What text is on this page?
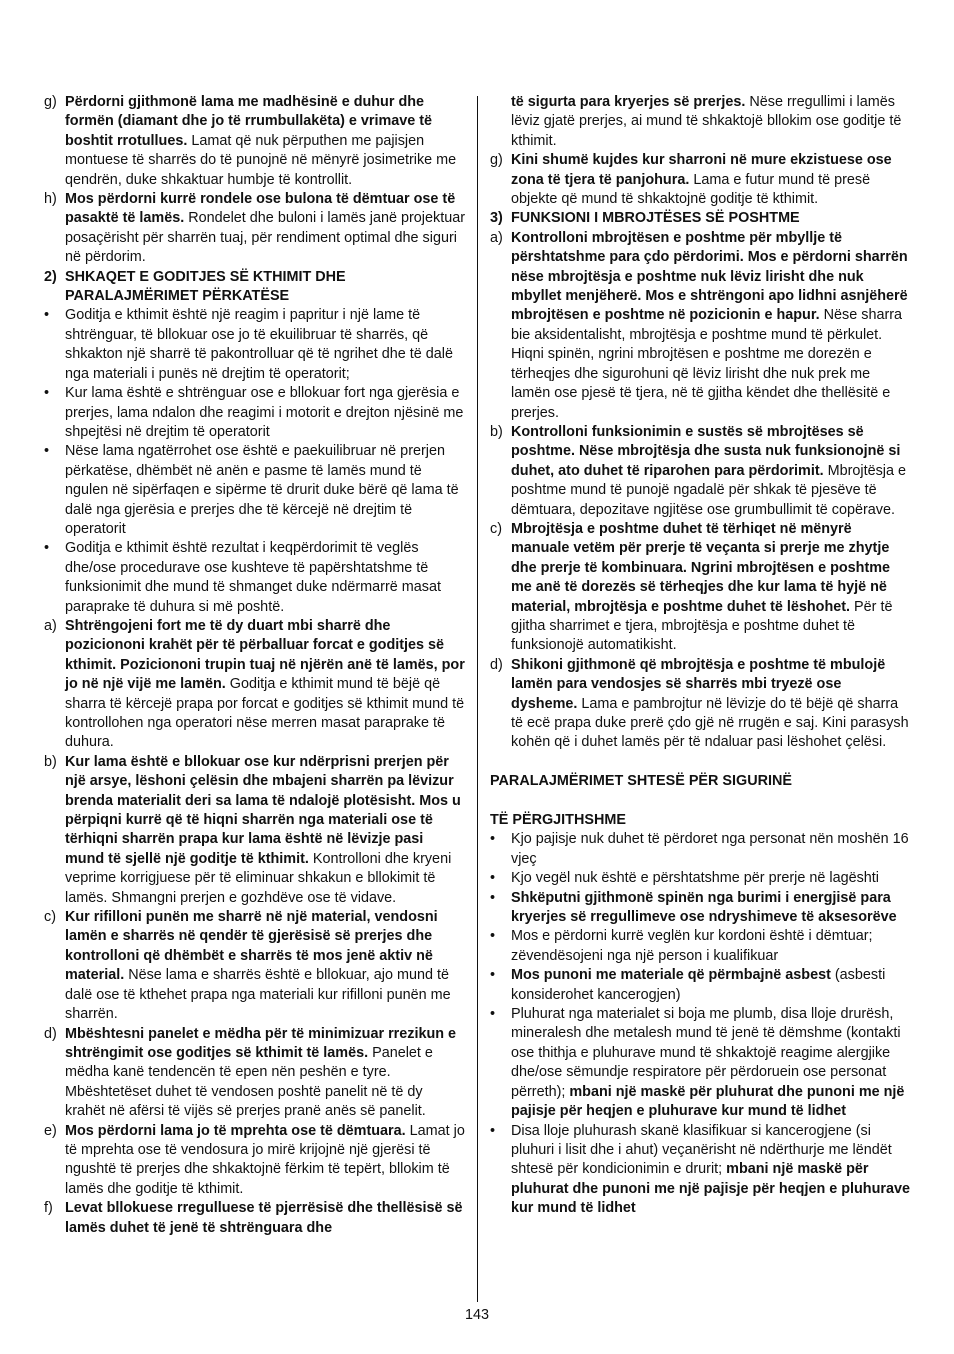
g) Përdorni gjithmonë lama me madhësinë e duhur dhe formën (diamant dhe jo të rrumbullakëta) e vrimave të boshtit rrotullues. Lamat që nuk përputhen me pajisjen montuese të sharrës do të punojnë në mënyrë josimetrike me qendrën, duke shkaktuar humbje të kontrollit.
h) Mos përdorni kurrë rondele ose bulona të dëmtuar ose të pasaktë të lamës. Rondelet dhe buloni i lamës janë projektuar posaçërisht për sharrën tuaj, për rendiment optimal dhe siguri në përdorim.
2) SHKAQET E GODITJES SË KTHIMIT DHE PARALAJMËRIMET PËRKATËSE
•	Goditja e kthimit është një reagim i papritur i një lame të shtrënguar, të bllokuar ose jo të ekuilibruar të sharrës, që shkakton një sharrë të pakontrolluar që të ngrihet dhe të dalë nga materiali i punës në drejtim të operatorit;
•	Kur lama është e shtrënguar ose e bllokuar fort nga gjerësia e prerjes, lama ndalon dhe reagimi i motorit e drejton njësinë me shpejtësi në drejtim të operatorit
•	Nëse lama ngatërrohet ose është e paekuilibruar në prerjen përkatëse, dhëmbët në anën e pasme të lamës mund të ngulen në sipërfaqen e sipërme të drurit duke bërë që lama të dalë nga gjerësia e prerjes dhe të kërcejë në drejtim të operatorit
•	Goditja e kthimit është rezultat i keqpërdorimit të veglës dhe/ose procedurave ose kushteve të papërshtatshme të funksionimit dhe mund të shmanget duke ndërmarrë masat paraprake të duhura si më poshtë.
a) Shtrëngojeni fort me të dy duart mbi sharrë dhe poziciononi krahët për të përballuar forcat e goditjes së kthimit. Poziciononi trupin tuaj në njërën anë të lamës, por jo në një vijë me lamën. Goditja e kthimit mund të bëjë që sharra të kërcejë prapa por forcat e goditjes së kthimit mund të kontrollohen nga operatori nëse merren masat paraprake të duhura.
b) Kur lama është e bllokuar ose kur ndërprisni prerjen për një arsye, lëshoni çelësin dhe mbajeni sharrën pa lëvizur brenda materialit deri sa lama të ndalojë plotësisht. Mos u përpiqni kurrë që të hiqni sharrën nga materiali ose të tërhiqni sharrën prapa kur lama është në lëvizje pasi mund të sjellë një goditje të kthimit. Kontrolloni dhe kryeni veprime korrigjuese për të eliminuar shkakun e bllokimit të lamës. Shmangni prerjen e gozhdëve ose të vidave.
c) Kur rifilloni punën me sharrë në një material, vendosni lamën e sharrës në qendër të gjerësisë së prerjes dhe kontrolloni që dhëmbët e sharrës të mos jenë aktiv në material. Nëse lama e sharrës është e bllokuar, ajo mund të dalë ose të kthehet prapa nga materiali kur rifilloni punën me sharrën.
d) Mbështesni panelet e mëdha për të minimizuar rrezikun e shtrëngimit ose goditjes së kthimit të lamës. Panelet e mëdha kanë tendencën të epen nën peshën e tyre. Mbështetëset duhet të vendosen poshtë panelit në të dy krahët në afërsi të vijës së prerjes pranë anës së panelit.
e) Mos përdorni lama jo të mprehta ose të dëmtuara. Lamat jo të mprehta ose të vendosura jo mirë krijojnë një gjerësi të ngushtë të prerjes dhe shkaktojnë fërkim të tepërt, bllokim të lamës dhe goditje të kthimit.
f) Levat bllokuese rregulluese të pjerrësisë dhe thellësisë së lamës duhet të jenë të shtrënguara dhe
të sigurta para kryerjes së prerjes. Nëse rregullimi i lamës lëviz gjatë prerjes, ai mund të shkaktojë bllokim ose goditje të kthimit.
g) Kini shumë kujdes kur sharroni në mure ekzistuese ose zona të tjera të panjohura. Lama e futur mund të presë objekte që mund të shkaktojnë goditje të kthimit.
3) FUNKSIONI I MBROJTËSES SË POSHTME
a) Kontrolloni mbrojtësen e poshtme për mbyllje të përshtatshme para çdo përdorimi. Mos e përdorni sharrën nëse mbrojtësja e poshtme nuk lëviz lirisht dhe nuk mbyllet menjëherë. Mos e shtrëngoni apo lidhni asnjëherë mbrojtësen e poshtme në pozicionin e hapur. Nëse sharra bie aksidentalisht, mbrojtësja e poshtme mund të përkulet. Hiqni spinën, ngrini mbrojtësen e poshtme me dorezën e tërheqjes dhe sigurohuni që lëviz lirisht dhe nuk prek me lamën ose pjesë të tjera, në të gjitha këndet dhe thellësitë e prerjes.
b) Kontrolloni funksionimin e sustës së mbrojtëses së poshtme. Nëse mbrojtësja dhe susta nuk funksionojnë si duhet, ato duhet të riparohen para përdorimit. Mbrojtësja e poshtme mund të punojë ngadalë për shkak të pjesëve të dëmtuara, depozitave ngjitëse ose grumbullimit të copërave.
c) Mbrojtësja e poshtme duhet të tërhiqet në mënyrë manuale vetëm për prerje të veçanta si prerje me zhytje dhe prerje të kombinuara. Ngrini mbrojtësen e poshtme me anë të dorezës së tërheqjes dhe kur lama të hyjë në material, mbrojtësja e poshtme duhet të lëshohet. Për të gjitha sharrimet e tjera, mbrojtësja e poshtme duhet të funksionojë automatikisht.
d) Shikoni gjithmonë që mbrojtësja e poshtme të mbulojë lamën para vendosjes së sharrës mbi tryezë ose dysheme. Lama e pambrojtur në lëvizje do të bëjë që sharra të ecë prapa duke prerë çdo gjë në rrugën e saj. Kini parasysh kohën që i duhet lamës për të ndaluar pasi lëshohet çelësi.
PARALAJMËRIMET SHTESË PËR SIGURINË
TË PËRGJITHSHME
•	Kjo pajisje nuk duhet të përdoret nga personat nën moshën 16 vjeç
•	Kjo vegël nuk është e përshtatshme për prerje në lagështi
•	Shkëputni gjithmonë spinën nga burimi i energjisë para kryerjes së rregullimeve ose ndryshimeve të aksesorëve
•	Mos e përdorni kurrë veglën kur kordoni është i dëmtuar; zëvendësojeni nga një person i kualifikuar
•	Mos punoni me materiale që përmbajnë asbest (asbesti konsiderohet kancerogjen)
•	Pluhurat nga materialet si boja me plumb, disa lloje drurësh, mineralesh dhe metalesh mund të jenë të dëmshme (kontakti ose thithja e pluhurave mund të shkaktojë reagime alergjike dhe/ose sëmundje respiratore për përdoruein ose personat përreth); mbani një maskë për pluhurat dhe punoni me një pajisje për heqjen e pluhurave kur mund të lidhet
•	Disa lloje pluhurash skanë klasifikuar si kancerogjene (si pluhuri i lisit dhe i ahut) veçanërisht në ndërthurje me lëndët shtesë për kondicionimin e drurit; mbani një maskë për pluhurat dhe punoni me një pajisje për heqjen e pluhurave kur mund të lidhet
143
